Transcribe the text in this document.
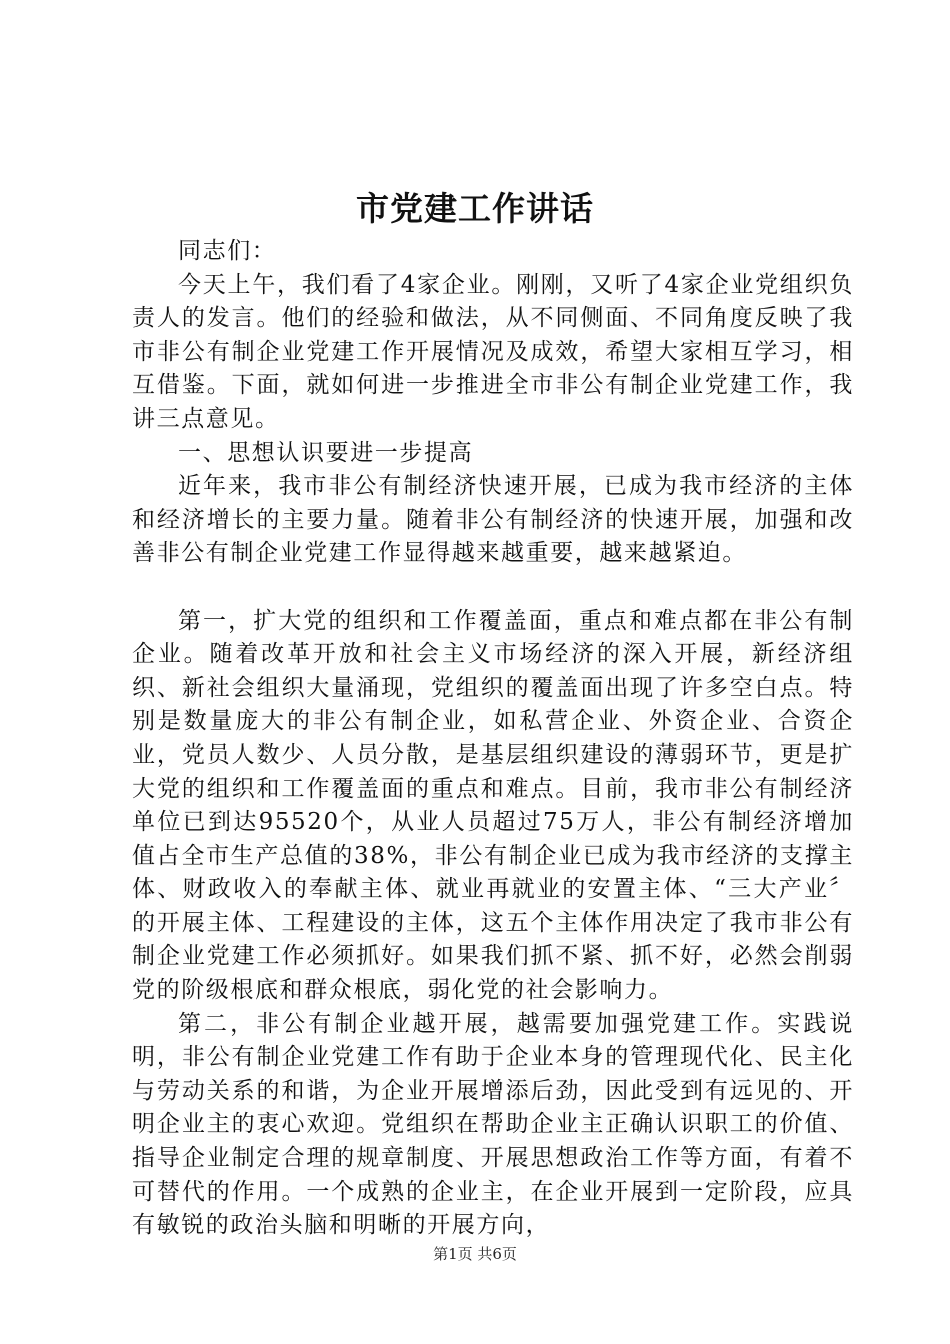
市党建工作讲话

同志们：

今天上午，我们看了4家企业。刚刚，又听了4家企业党组织负责人的发言。他们的经验和做法，从不同侧面、不同角度反映了我市非公有制企业党建工作开展情况及成效，希望大家相互学习，相互借鉴。下面，就如何进一步推进全市非公有制企业党建工作，我讲三点意见。

一、思想认识要进一步提高

近年来，我市非公有制经济快速开展，已成为我市经济的主体和经济增长的主要力量。随着非公有制经济的快速开展，加强和改善非公有制企业党建工作显得越来越重要，越来越紧迫。

第一，扩大党的组织和工作覆盖面，重点和难点都在非公有制企业。随着改革开放和社会主义市场经济的深入开展，新经济组织、新社会组织大量涌现，党组织的覆盖面出现了许多空白点。特别是数量庞大的非公有制企业，如私营企业、外资企业、合资企业，党员人数少、人员分散，是基层组织建设的薄弱环节，更是扩大党的组织和工作覆盖面的重点和难点。目前，我市非公有制经济单位已到达95520个，从业人员超过75万人，非公有制经济增加值占全市生产总值的38%，非公有制企业已成为我市经济的支撑主体、财政收入的奉献主体、就业再就业的安置主体、“三大产业〞的开展主体、工程建设的主体，这五个主体作用决定了我市非公有制企业党建工作必须抓好。如果我们抓不紧、抓不好，必然会削弱党的阶级根底和群众根底，弱化党的社会影响力。

第二，非公有制企业越开展，越需要加强党建工作。实践说明，非公有制企业党建工作有助于企业本身的管理现代化、民主化与劳动关系的和谐，为企业开展增添后劲，因此受到有远见的、开明企业主的衷心欢迎。党组织在帮助企业主正确认识职工的价值、指导企业制定合理的规章制度、开展思想政治工作等方面，有着不可替代的作用。一个成熟的企业主，在企业开展到一定阶段，应具有敏锐的政治头脑和明晰的开展方向，

第1页 共6页
